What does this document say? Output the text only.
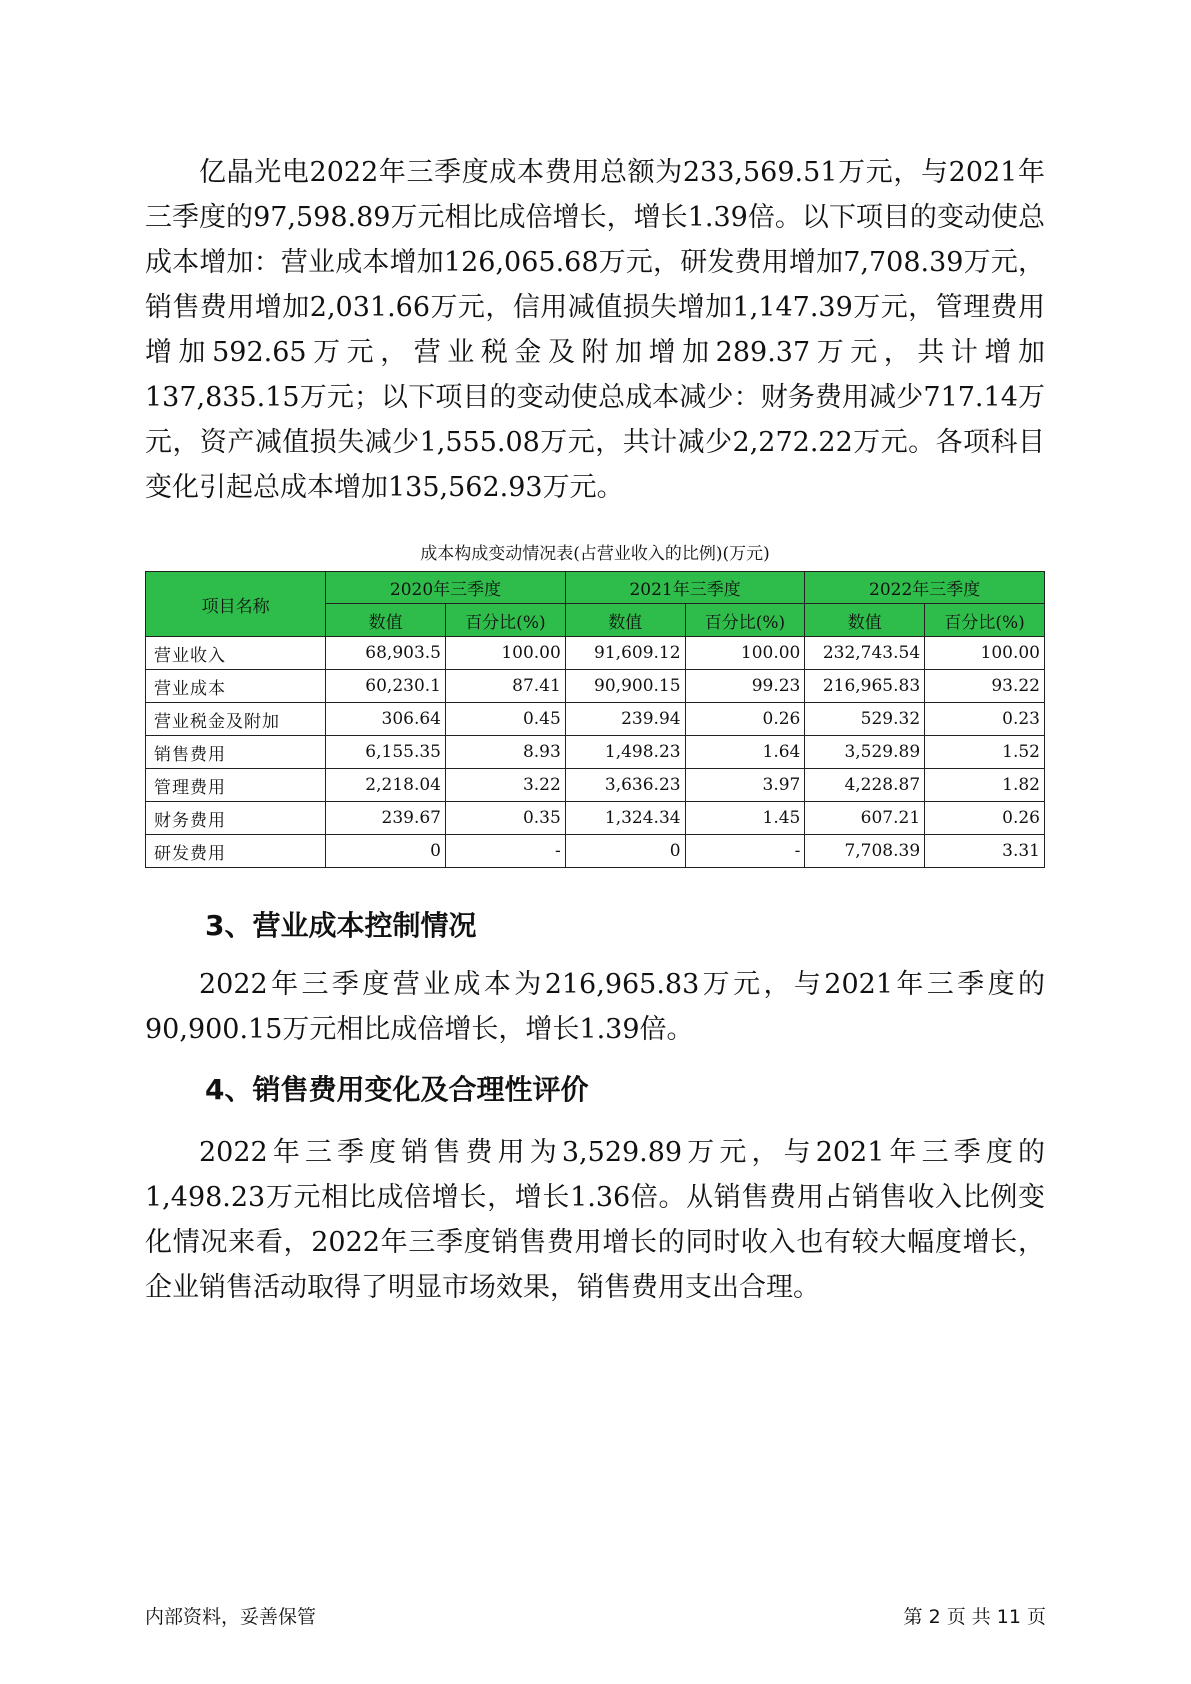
亿晶光电2022年三季度成本费用总额为233,569.51万元，与2021年三季度的97,598.89万元相比成倍增长，增长1.39倍。以下项目的变动使总成本增加：营业成本增加126,065.68万元，研发费用增加7,708.39万元，销售费用增加2,031.66万元，信用减值损失增加1,147.39万元，管理费用增加592.65万元，营业税金及附加增加289.37万元，共计增加137,835.15万元；以下项目的变动使总成本减少：财务费用减少717.14万元，资产减值损失减少1,555.08万元，共计减少2,272.22万元。各项科目变化引起总成本增加135,562.93万元。

成本构成变动情况表(占营业收入的比例)(万元)
项目名称	2020年三季度		2021年三季度		2022年三季度	
	数值	百分比(%)	数值	百分比(%)	数值	百分比(%)
营业收入	68,903.5	100.00	91,609.12	100.00	232,743.54	100.00
营业成本	60,230.1	87.41	90,900.15	99.23	216,965.83	93.22
营业税金及附加	306.64	0.45	239.94	0.26	529.32	0.23
销售费用	6,155.35	8.93	1,498.23	1.64	3,529.89	1.52
管理费用	2,218.04	3.22	3,636.23	3.97	4,228.87	1.82
财务费用	239.67	0.35	1,324.34	1.45	607.21	0.26
研发费用	0	-	0	-	7,708.39	3.31
3、营业成本控制情况

2022年三季度营业成本为216,965.83万元，与2021年三季度的90,900.15万元相比成倍增长，增长1.39倍。

4、销售费用变化及合理性评价

2022年三季度销售费用为3,529.89万元，与2021年三季度的1,498.23万元相比成倍增长，增长1.36倍。从销售费用占销售收入比例变化情况来看，2022年三季度销售费用增长的同时收入也有较大幅度增长，企业销售活动取得了明显市场效果，销售费用支出合理。

内部资料，妥善保管	第 2 页 共 11 页
